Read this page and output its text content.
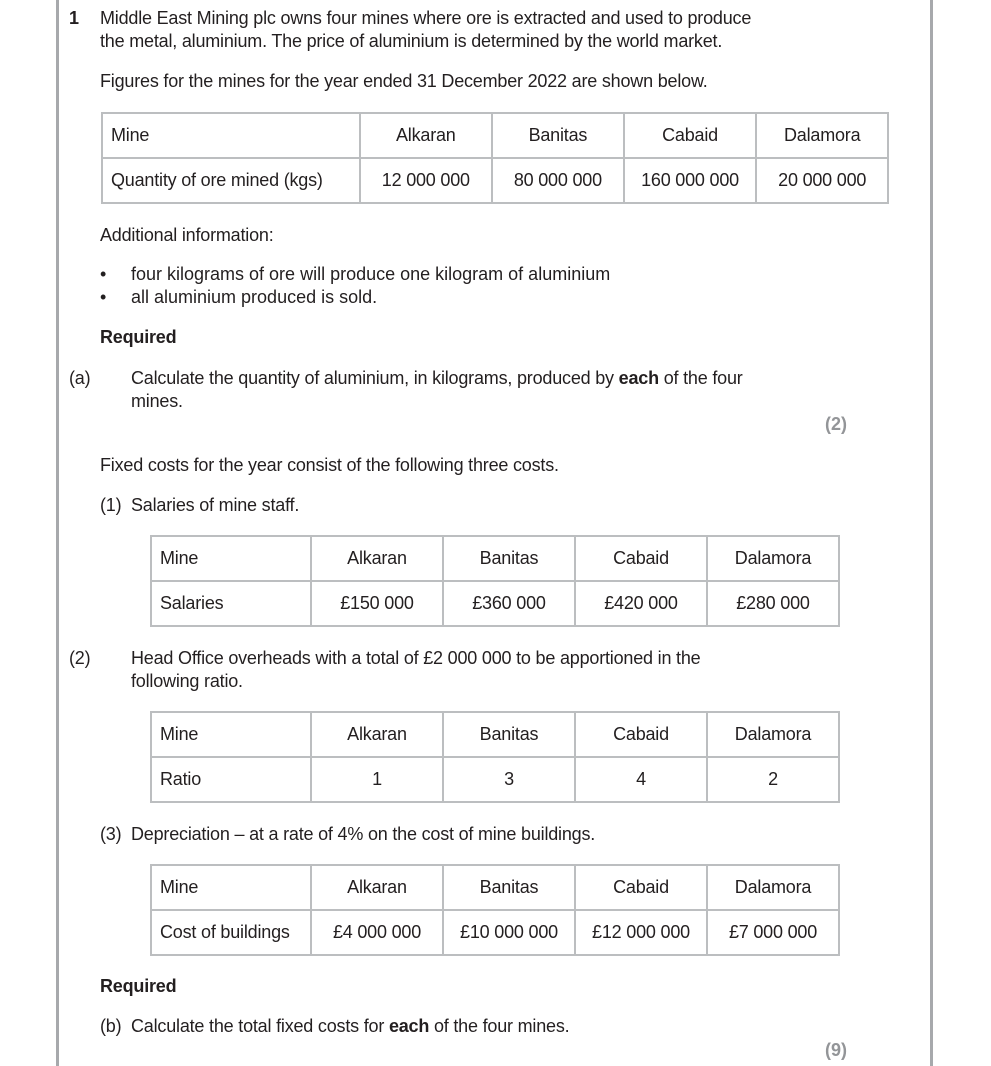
1 Middle East Mining plc owns four mines where ore is extracted and used to produce
the metal, aluminium. The price of aluminium is determined by the world market.
Figures for the mines for the year ended 31 December 2022 are shown below.
Mine	Alkaran	Banitas	Cabaid	Dalamora
Quantity of ore mined (kgs)	12 000 000	80 000 000	160 000 000	20 000 000
Additional information:
• four kilograms of ore will produce one kilogram of aluminium
• all aluminium produced is sold.
Required
(a) Calculate the quantity of aluminium, in kilograms, produced by each of the four
mines.
(2)
Fixed costs for the year consist of the following three costs.
(1) Salaries of mine staff.
Mine	Alkaran	Banitas	Cabaid	Dalamora
Salaries	£150 000	£360 000	£420 000	£280 000
(2) Head Office overheads with a total of £2 000 000 to be apportioned in the
following ratio.
Mine	Alkaran	Banitas	Cabaid	Dalamora
Ratio	1	3	4	2
(3) Depreciation – at a rate of 4% on the cost of mine buildings.
Mine	Alkaran	Banitas	Cabaid	Dalamora
Cost of buildings	£4 000 000	£10 000 000	£12 000 000	£7 000 000
Required
(b) Calculate the total fixed costs for each of the four mines.
(9)
